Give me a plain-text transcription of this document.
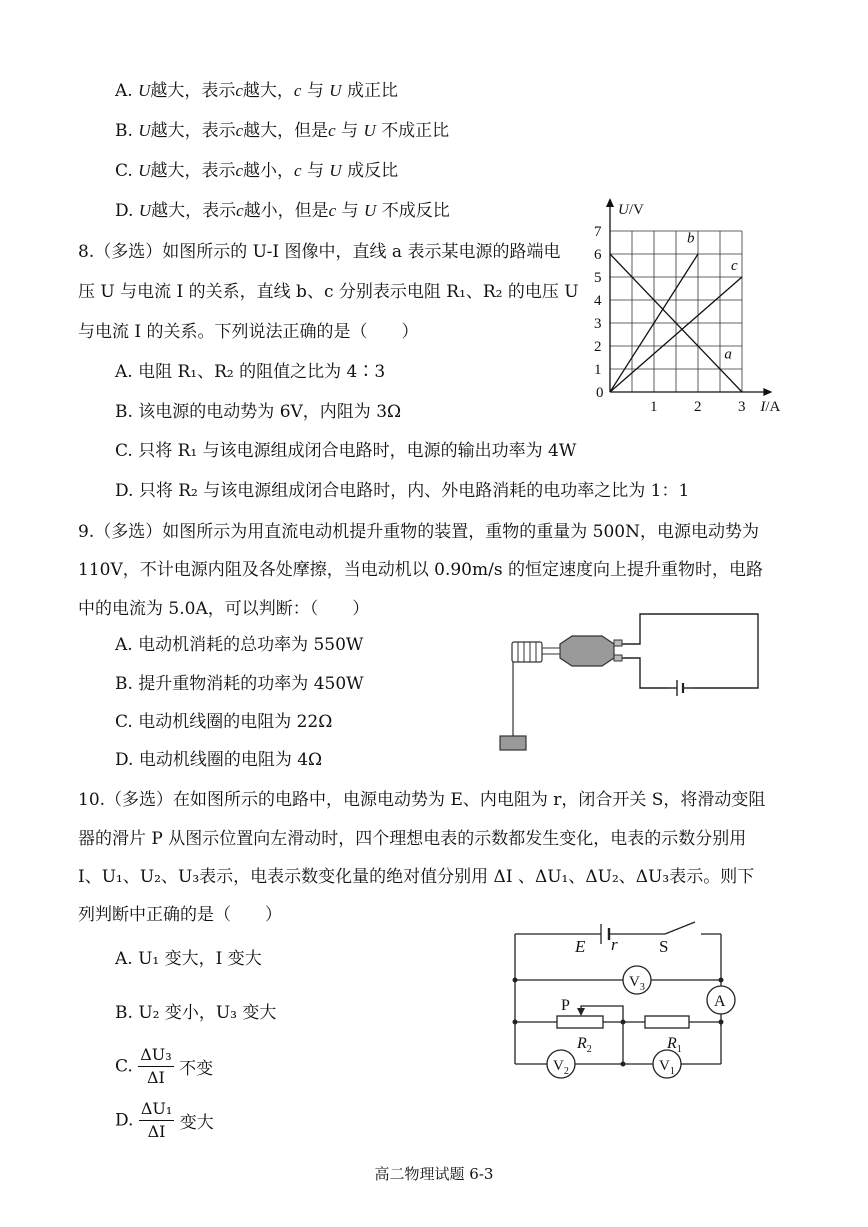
A. U越大，表示c越大，c 与 U 成正比
B. U越大，表示c越大，但是c 与 U 不成正比
C. U越大，表示c越小，c 与 U 成反比
D. U越大，表示c越小，但是c 与 U 不成反比
8.（多选）如图所示的 U-I 图像中，直线 a 表示某电源的路端电
压 U 与电流 I 的关系，直线 b、c 分别表示电阻 R₁、R₂ 的电压 U
与电流 I 的关系。下列说法正确的是（　　）
A. 电阻 R₁、R₂ 的阻值之比为 4∶3
B. 该电源的电动势为 6V，内阻为 3Ω
C. 只将 R₁ 与该电源组成闭合电路时，电源的输出功率为 4W
D. 只将 R₂ 与该电源组成闭合电路时，内、外电路消耗的电功率之比为 1：1
a
b
c
1
2
3
4
5
6
7
1 2 3
0
U/V
I/A
9.（多选）如图所示为用直流电动机提升重物的装置，重物的重量为 500N，电源电动势为
110V，不计电源内阻及各处摩擦，当电动机以 0.90m/s 的恒定速度向上提升重物时，电路
中的电流为 5.0A，可以判断：（　　）
A. 电动机消耗的总功率为 550W
B. 提升重物消耗的功率为 450W
C. 电动机线圈的电阻为 22Ω
D. 电动机线圈的电阻为 4Ω
10.（多选）在如图所示的电路中，电源电动势为 E、内电阻为 r，闭合开关 S，将滑动变阻
器的滑片 P 从图示位置向左滑动时，四个理想电表的示数都发生变化，电表的示数分别用
I、U₁、U₂、U₃表示，电表示数变化量的绝对值分别用 ΔI 、ΔU₁、ΔU₂、ΔU₃表示。则下
列判断中正确的是（　　）
A. U₁ 变大，I 变大
B. U₂ 变小，U₃ 变大
C. $\frac{\text{ΔU₃}}{\Delta I}$ 不变
D. $\frac{\text{ΔU₁}}{\Delta I}$ 变大
E r S
$V_3$
A
P
$R_2$	$R_1$
$V_2$	$V_1$
高二物理试题 6-3
